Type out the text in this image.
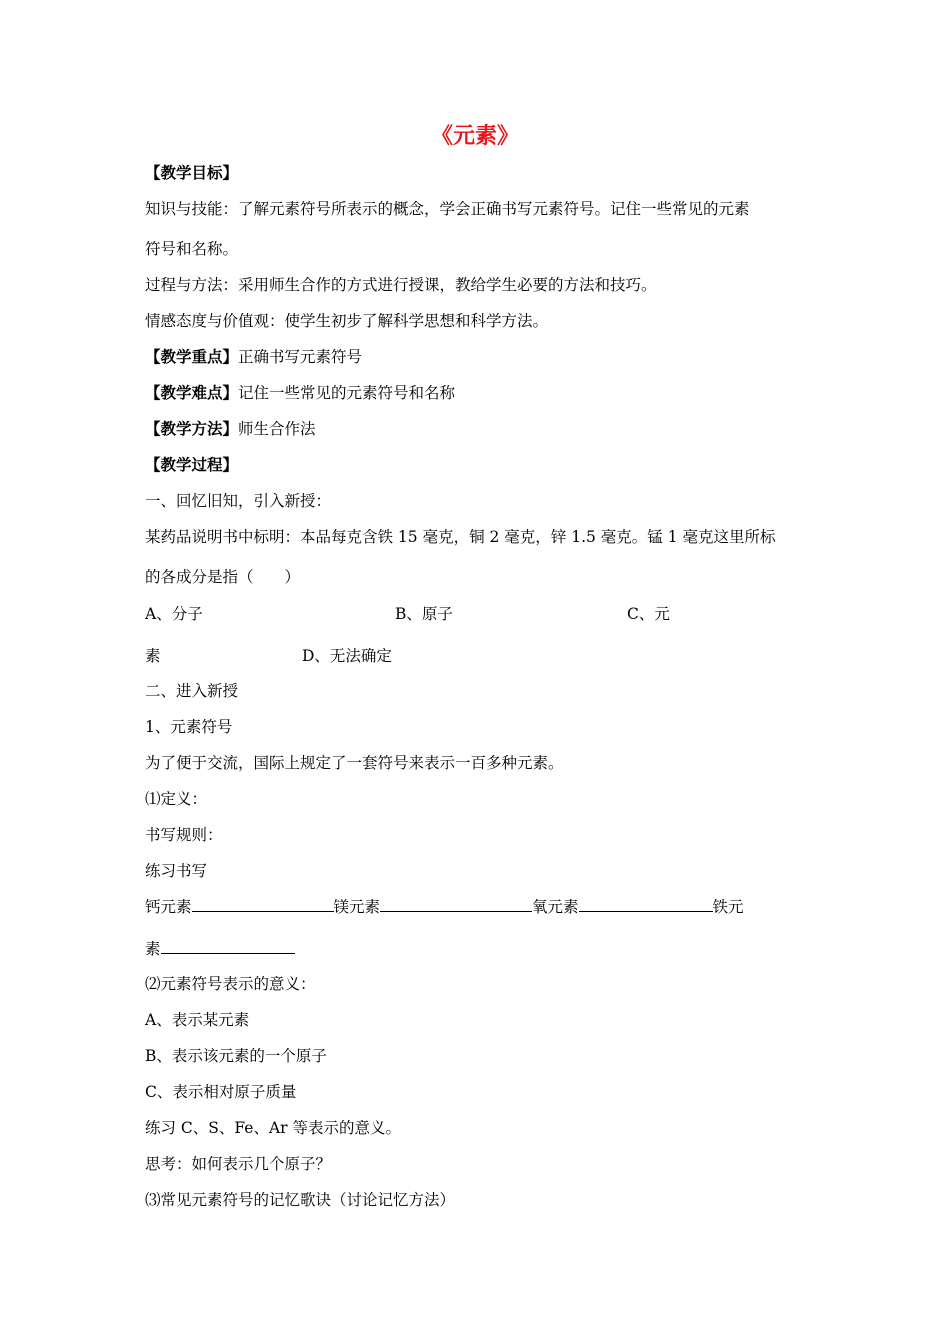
《元素》
【教学目标】
知识与技能：了解元素符号所表示的概念，学会正确书写元素符号。记住一些常见的元素
符号和名称。
过程与方法：采用师生合作的方式进行授课，教给学生必要的方法和技巧。
情感态度与价值观：使学生初步了解科学思想和科学方法。
【教学重点】正确书写元素符号
【教学难点】记住一些常见的元素符号和名称
【教学方法】师生合作法
【教学过程】
一、回忆旧知，引入新授：
某药品说明书中标明：本品每克含铁 15 毫克，铜 2 毫克，锌 1.5 毫克。锰 1 毫克这里所标
的各成分是指（　　）
A、分子	B、原子	C、元
素	D、无法确定
二、进入新授
1、元素符号
为了便于交流，国际上规定了一套符号来表示一百多种元素。
⑴定义：
书写规则：
练习书写
钙元素	镁元素	氧元素	铁元
素
⑵元素符号表示的意义：
A、表示某元素
B、表示该元素的一个原子
C、表示相对原子质量
练习 C、S、Fe、Ar 等表示的意义。
思考：如何表示几个原子？
⑶常见元素符号的记忆歌诀（讨论记忆方法）
